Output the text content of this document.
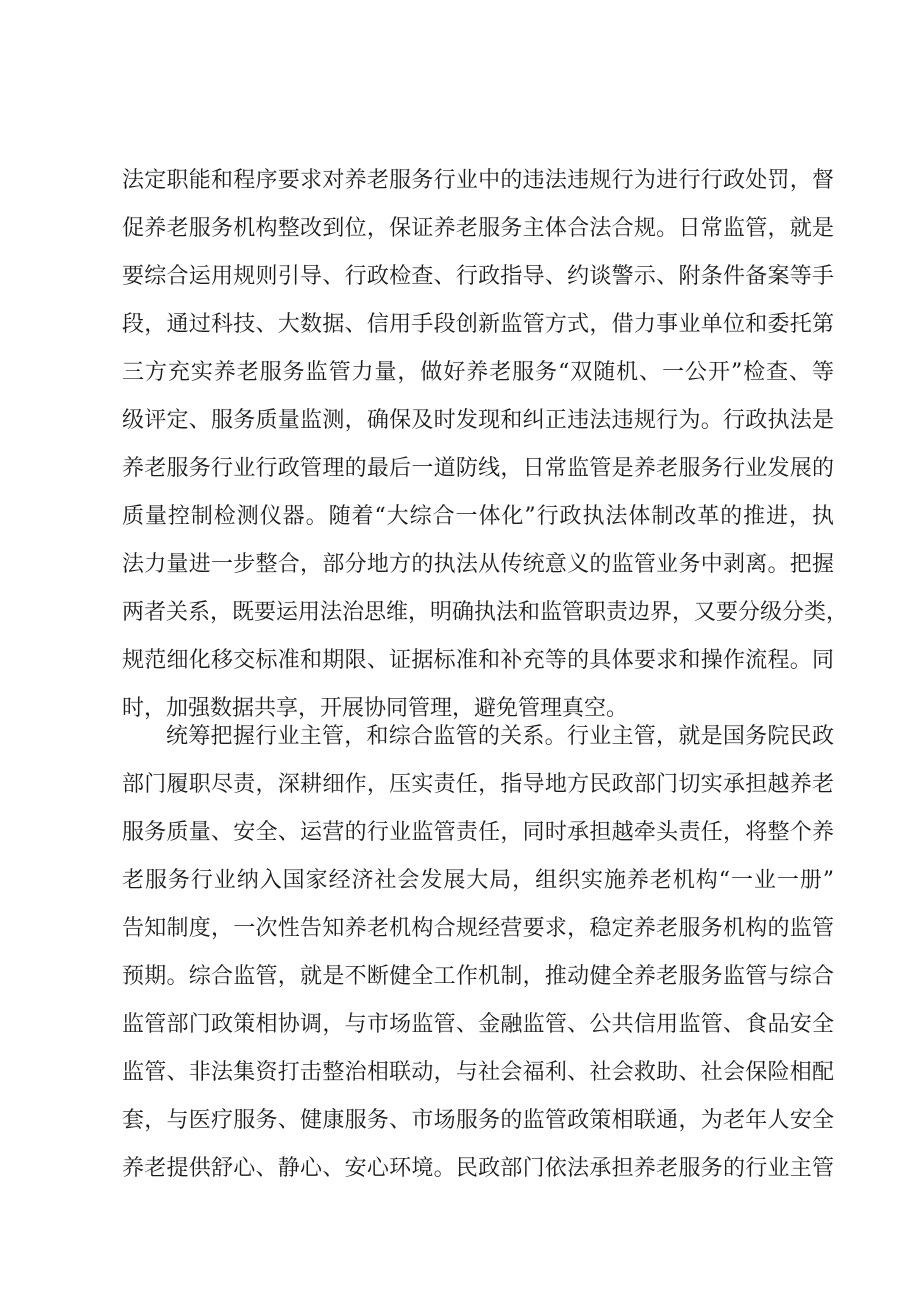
法定职能和程序要求对养老服务行业中的违法违规行为进行行政处罚，督
促养老服务机构整改到位，保证养老服务主体合法合规。日常监管，就是
要综合运用规则引导、行政检查、行政指导、约谈警示、附条件备案等手
段，通过科技、大数据、信用手段创新监管方式，借力事业单位和委托第
三方充实养老服务监管力量，做好养老服务“双随机、一公开”检查、等
级评定、服务质量监测，确保及时发现和纠正违法违规行为。行政执法是
养老服务行业行政管理的最后一道防线，日常监管是养老服务行业发展的
质量控制检测仪器。随着“大综合一体化”行政执法体制改革的推进，执
法力量进一步整合，部分地方的执法从传统意义的监管业务中剥离。把握
两者关系，既要运用法治思维，明确执法和监管职责边界，又要分级分类，
规范细化移交标准和期限、证据标准和补充等的具体要求和操作流程。同
时，加强数据共享，开展协同管理，避免管理真空。
统筹把握行业主管，和综合监管的关系。行业主管，就是国务院民政
部门履职尽责，深耕细作，压实责任，指导地方民政部门切实承担越养老
服务质量、安全、运营的行业监管责任，同时承担越牵头责任，将整个养
老服务行业纳入国家经济社会发展大局，组织实施养老机构“一业一册”
告知制度，一次性告知养老机构合规经营要求，稳定养老服务机构的监管
预期。综合监管，就是不断健全工作机制，推动健全养老服务监管与综合
监管部门政策相协调，与市场监管、金融监管、公共信用监管、食品安全
监管、非法集资打击整治相联动，与社会福利、社会救助、社会保险相配
套，与医疗服务、健康服务、市场服务的监管政策相联通，为老年人安全
养老提供舒心、静心、安心环境。民政部门依法承担养老服务的行业主管
